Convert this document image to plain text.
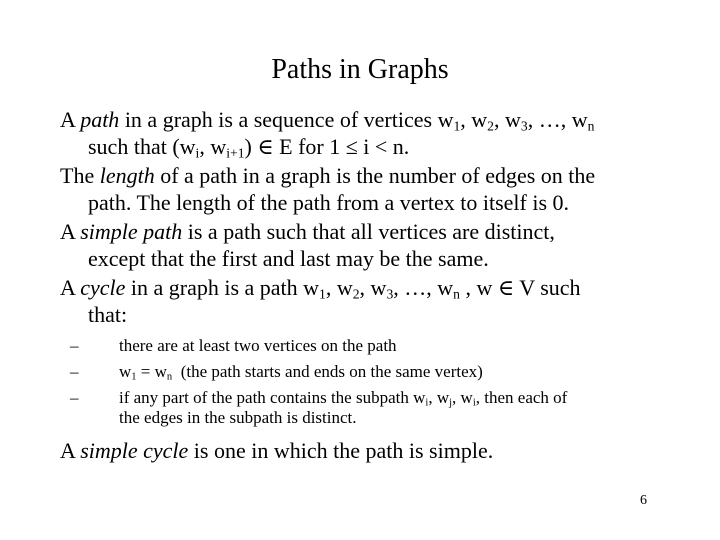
Paths in Graphs
A path in a graph is a sequence of vertices $w_1$, $w_2$, $w_3$, …, $w_n$
such that ($w_i$, $w_{i+1}$) ∈ E for 1 ≤ i < n.
The length of a path in a graph is the number of edges on the
path. The length of the path from a vertex to itself is 0.
A simple path is a path such that all vertices are distinct,
except that the first and last may be the same.
A cycle in a graph is a path $w_1$, $w_2$, $w_3$, …, $w_n$ , w ∈ V such
that:
– there are at least two vertices on the path
– $w_1 = w_n$  (the path starts and ends on the same vertex)
– if any part of the path contains the subpath $w_i$, $w_j$, $w_i$, then each of
the edges in the subpath is distinct.
A simple cycle is one in which the path is simple.
6
